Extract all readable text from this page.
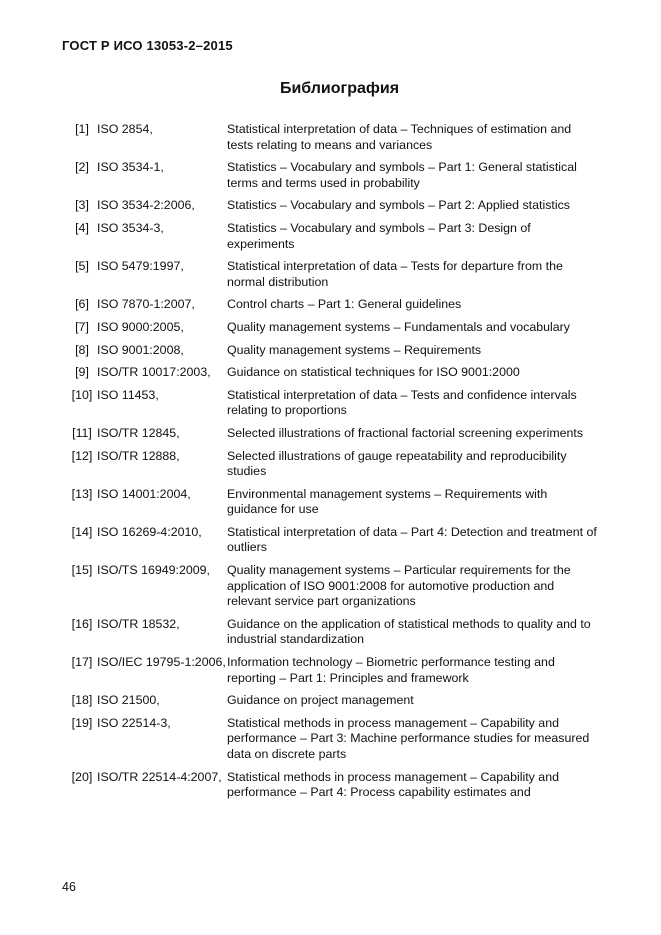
ГОСТ Р ИСО 13053-2–2015
Библиография
[1] ISO 2854,	Statistical interpretation of data – Techniques of estimation and tests relating to means and variances
[2] ISO 3534-1,	Statistics – Vocabulary and symbols – Part 1: General statistical terms and terms used in probability
[3] ISO 3534-2:2006,	Statistics – Vocabulary and symbols – Part 2: Applied statistics
[4] ISO 3534-3,	Statistics – Vocabulary and symbols – Part 3: Design of experiments
[5] ISO 5479:1997,	Statistical interpretation of data – Tests for departure from the normal distribution
[6] ISO 7870-1:2007,	Control charts – Part 1: General guidelines
[7] ISO 9000:2005,	Quality management systems – Fundamentals and vocabulary
[8] ISO 9001:2008,	Quality management systems – Requirements
[9] ISO/TR 10017:2003,	Guidance on statistical techniques for ISO 9001:2000
[10] ISO 11453,	Statistical interpretation of data – Tests and confidence intervals relating to proportions
[11] ISO/TR 12845,	Selected illustrations of fractional factorial screening experiments
[12] ISO/TR 12888,	Selected illustrations of gauge repeatability and reproducibility studies
[13] ISO 14001:2004,	Environmental management systems – Requirements with guidance for use
[14] ISO 16269-4:2010,	Statistical interpretation of data – Part 4: Detection and treatment of outliers
[15] ISO/TS 16949:2009,	Quality management systems – Particular requirements for the application of ISO 9001:2008 for automotive production and relevant service part organizations
[16] ISO/TR 18532,	Guidance on the application of statistical methods to quality and to industrial standardization
[17] ISO/IEC 19795-1:2006, Information technology – Biometric performance testing and reporting – Part 1: Principles and framework
[18] ISO 21500,	Guidance on project management
[19] ISO 22514-3,	Statistical methods in process management – Capability and performance – Part 3: Machine performance studies for measured data on discrete parts
[20] ISO/TR 22514-4:2007, Statistical methods in process management – Capability and performance – Part 4: Process capability estimates and
46
